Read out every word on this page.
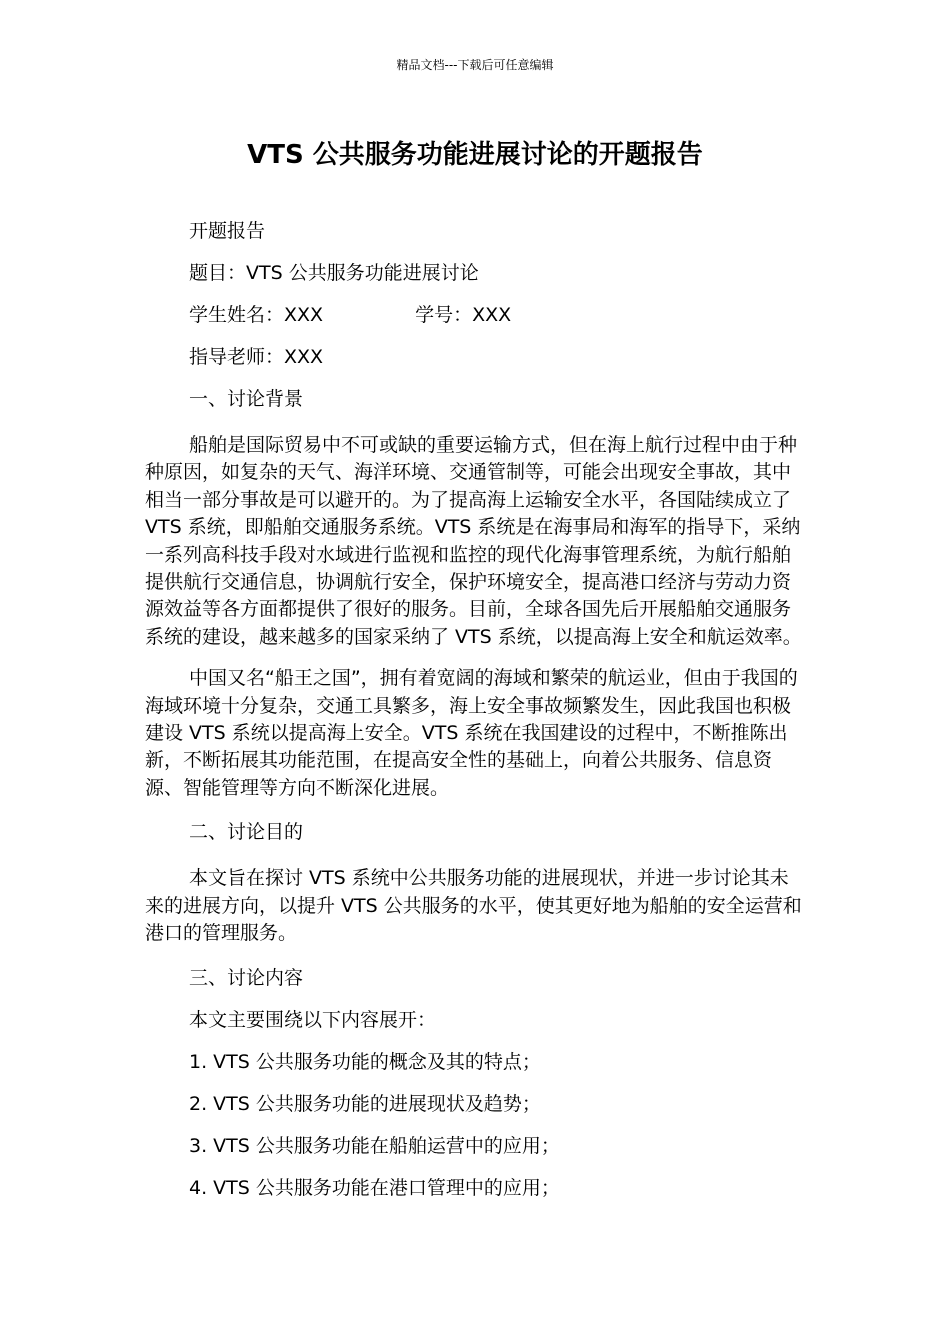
精品文档---下载后可任意编辑
VTS 公共服务功能进展讨论的开题报告
开题报告
题目：VTS 公共服务功能进展讨论
学生姓名：XXX	学号：XXX
指导老师：XXX
一、讨论背景

船舶是国际贸易中不可或缺的重要运输方式，但在海上航行过程中由于种种原因，如复杂的天气、海洋环境、交通管制等，可能会出现安全事故，其中相当一部分事故是可以避开的。为了提高海上运输安全水平，各国陆续成立了 VTS 系统，即船舶交通服务系统。VTS 系统是在海事局和海军的指导下，采纳一系列高科技手段对水域进行监视和监控的现代化海事管理系统，为航行船舶提供航行交通信息，协调航行安全，保护环境安全，提高港口经济与劳动力资源效益等各方面都提供了很好的服务。目前，全球各国先后开展船舶交通服务系统的建设，越来越多的国家采纳了 VTS 系统，以提高海上安全和航运效率。

中国又名“船王之国”，拥有着宽阔的海域和繁荣的航运业，但由于我国的海域环境十分复杂，交通工具繁多，海上安全事故频繁发生，因此我国也积极建设 VTS 系统以提高海上安全。VTS 系统在我国建设的过程中，不断推陈出新，不断拓展其功能范围，在提高安全性的基础上，向着公共服务、信息资源、智能管理等方向不断深化进展。

二、讨论目的

本文旨在探讨 VTS 系统中公共服务功能的进展现状，并进一步讨论其未来的进展方向，以提升 VTS 公共服务的水平，使其更好地为船舶的安全运营和港口的管理服务。

三、讨论内容
本文主要围绕以下内容展开：
1. VTS 公共服务功能的概念及其的特点；
2. VTS 公共服务功能的进展现状及趋势；
3. VTS 公共服务功能在船舶运营中的应用；
4. VTS 公共服务功能在港口管理中的应用；
